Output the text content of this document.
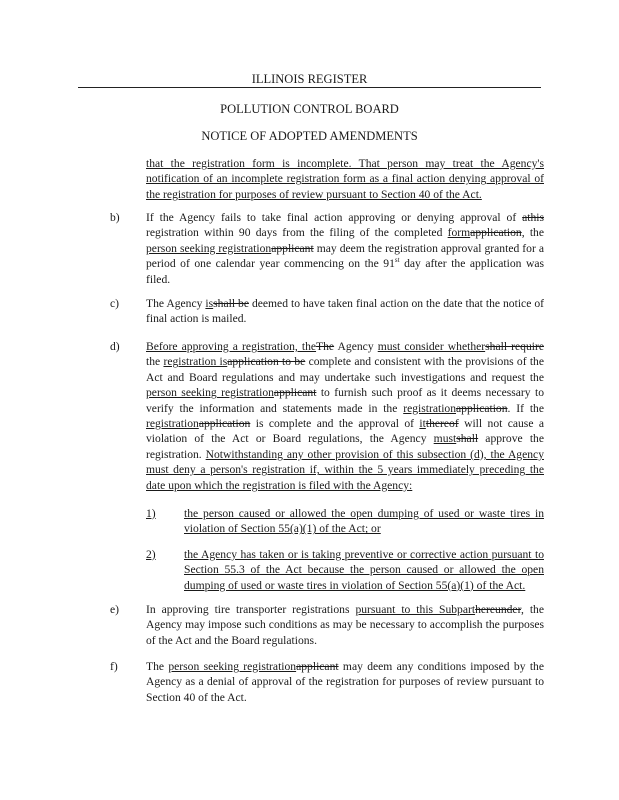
ILLINOIS REGISTER
POLLUTION CONTROL BOARD
NOTICE OF ADOPTED AMENDMENTS
that the registration form is incomplete. That person may treat the Agency's notification of an incomplete registration form as a final action denying approval of the registration for purposes of review pursuant to Section 40 of the Act.
b) If the Agency fails to take final action approving or denying approval of athis registration within 90 days from the filing of the completed formapplication, the person seeking registrationapplicant may deem the registration approval granted for a period of one calendar year commencing on the 91st day after the application was filed.
c) The Agency isshall be deemed to have taken final action on the date that the notice of final action is mailed.
d) Before approving a registration, theThe Agency must consider whethershall require the registration isapplication to be complete and consistent with the provisions of the Act and Board regulations and may undertake such investigations and request the person seeking registrationapplicant to furnish such proof as it deems necessary to verify the information and statements made in the registrationapplication. If the registrationapplication is complete and the approval of itthereof will not cause a violation of the Act or Board regulations, the Agency mustshall approve the registration. Notwithstanding any other provision of this subsection (d), the Agency must deny a person's registration if, within the 5 years immediately preceding the date upon which the registration is filed with the Agency:
1) the person caused or allowed the open dumping of used or waste tires in violation of Section 55(a)(1) of the Act; or
2) the Agency has taken or is taking preventive or corrective action pursuant to Section 55.3 of the Act because the person caused or allowed the open dumping of used or waste tires in violation of Section 55(a)(1) of the Act.
e) In approving tire transporter registrations pursuant to this Subparthereunder, the Agency may impose such conditions as may be necessary to accomplish the purposes of the Act and the Board regulations.
f) The person seeking registrationapplicant may deem any conditions imposed by the Agency as a denial of approval of the registration for purposes of review pursuant to Section 40 of the Act.
